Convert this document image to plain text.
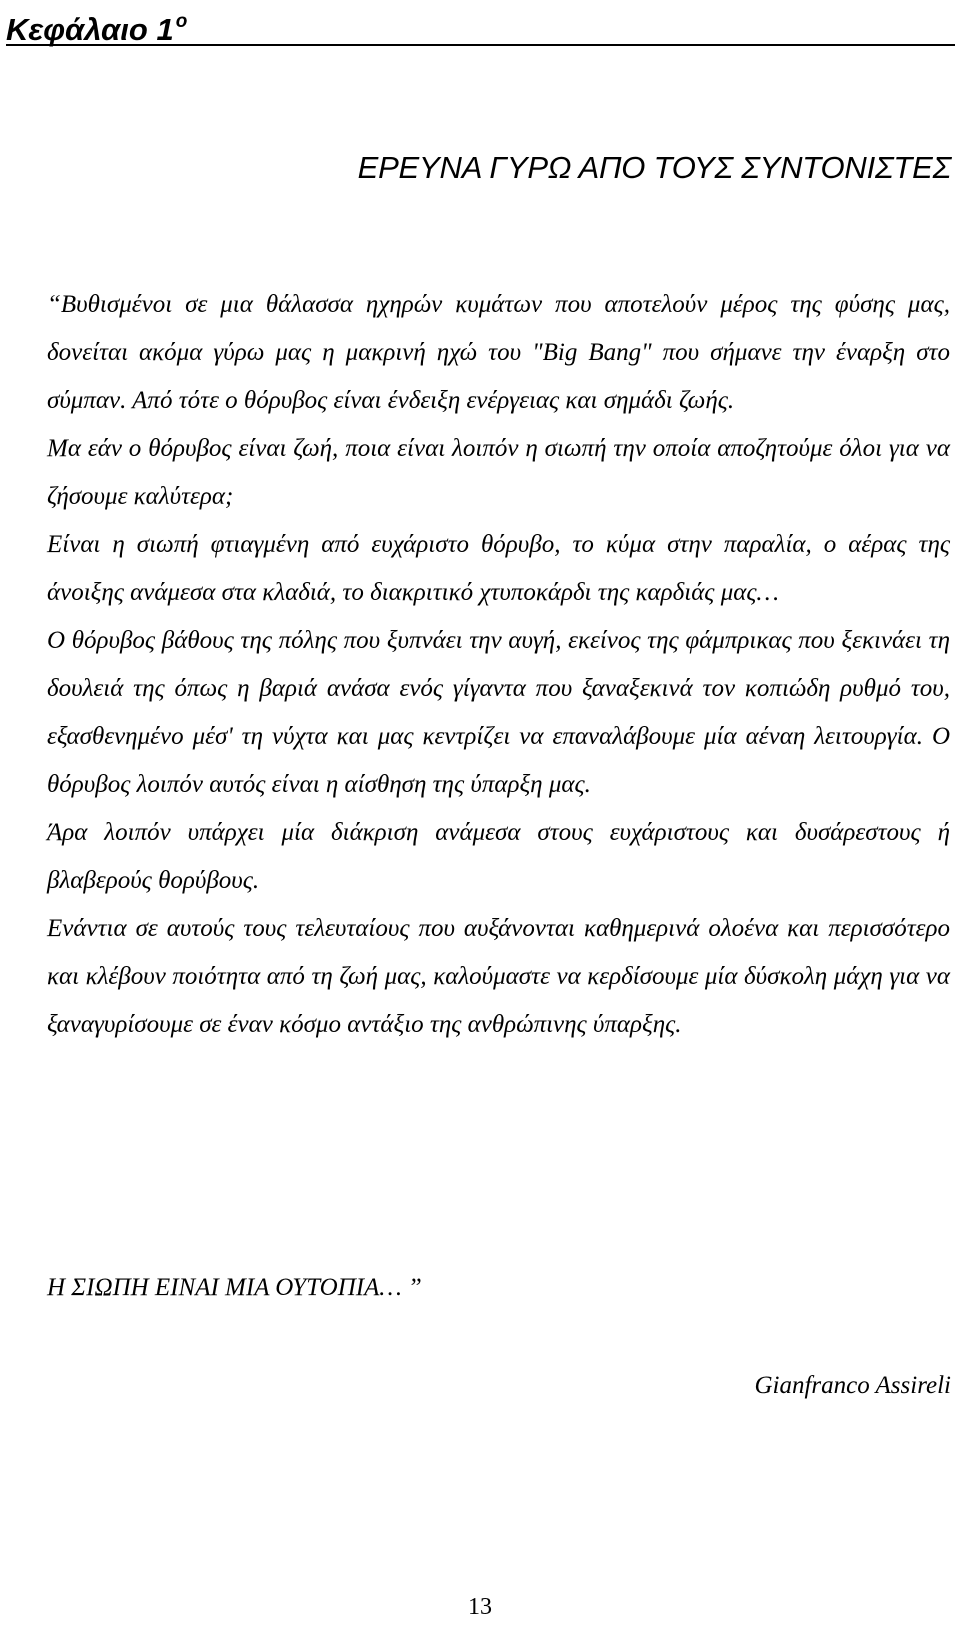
Κεφάλαιο 1 $^o$
ΕΡΕΥΝΑ ΓΥΡΩ ΑΠΟ ΤΟΥΣ ΣΥΝΤΟΝΙΣΤΕΣ

“Βυθισμένοι σε μια θάλασσα ηχηρών κυμάτων που αποτελούν μέρος της φύσης μας, δονείται ακόμα γύρω μας η μακρινή ηχώ του "Big Bang" που σήμανε την έναρξη στο σύμπαν. Από τότε ο θόρυβος είναι ένδειξη ενέργειας και σημάδι ζωής.

Μα εάν ο θόρυβος είναι ζωή, ποια είναι λοιπόν η σιωπή την οποία αποζητούμε όλοι για να ζήσουμε καλύτερα;

Είναι η σιωπή φτιαγμένη από ευχάριστο θόρυβο, το κύμα στην παραλία, ο αέρας της άνοιξης ανάμεσα στα κλαδιά, το διακριτικό χτυποκάρδι της καρδιάς μας…

Ο θόρυβος βάθους της πόλης που ξυπνάει την αυγή, εκείνος της φάμπρικας που ξεκινάει τη δουλειά της όπως η βαριά ανάσα ενός γίγαντα που ξαναξεκινά τον κοπιώδη ρυθμό του, εξασθενημένο μέσ' τη νύχτα και μας κεντρίζει να επαναλάβουμε μία αέναη λειτουργία. Ο θόρυβος λοιπόν αυτός είναι η αίσθηση της ύπαρξη μας.

Άρα λοιπόν υπάρχει μία διάκριση ανάμεσα στους ευχάριστους και δυσάρεστους ή βλαβερούς θορύβους.

Ενάντια σε αυτούς τους τελευταίους που αυξάνονται καθημερινά ολοένα και περισσότερο και κλέβουν ποιότητα από τη ζωή μας, καλούμαστε να κερδίσουμε μία δύσκολη μάχη για να ξαναγυρίσουμε σε έναν κόσμο αντάξιο της ανθρώπινης ύπαρξης.

Η ΣΙΩΠΗ ΕΙΝΑΙ ΜΙΑ ΟΥΤΟΠΙΑ… ”
Gianfranco Assireli
13
